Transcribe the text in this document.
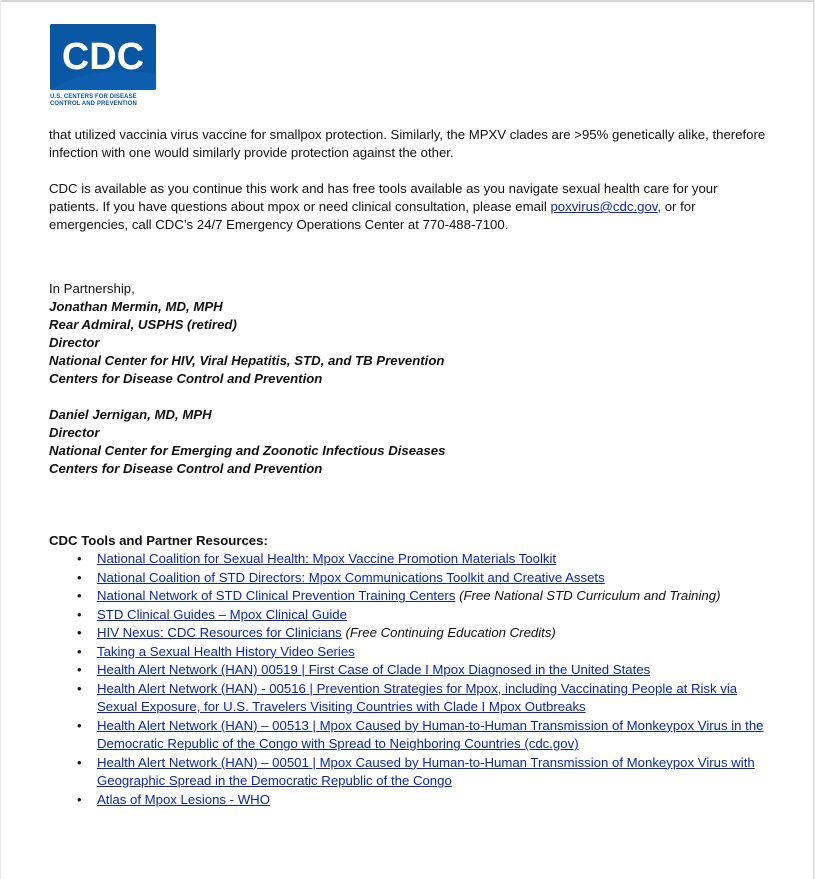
CDC
U.S. CENTERS FOR DISEASE
CONTROL AND PREVENTION

that utilized vaccinia virus vaccine for smallpox protection. Similarly, the MPXV clades are >95% genetically alike, therefore infection with one would similarly provide protection against the other.

CDC is available as you continue this work and has free tools available as you navigate sexual health care for your patients. If you have questions about mpox or need clinical consultation, please email poxvirus@cdc.gov, or for emergencies, call CDC’s 24/7 Emergency Operations Center at 770-488-7100.

In Partnership,

Jonathan Mermin, MD, MPH

Rear Admiral, USPHS (retired)

Director

National Center for HIV, Viral Hepatitis, STD, and TB Prevention

Centers for Disease Control and Prevention

Daniel Jernigan, MD, MPH

Director

National Center for Emerging and Zoonotic Infectious Diseases

Centers for Disease Control and Prevention

CDC Tools and Partner Resources:

• National Coalition for Sexual Health: Mpox Vaccine Promotion Materials Toolkit
• National Coalition of STD Directors: Mpox Communications Toolkit and Creative Assets
• National Network of STD Clinical Prevention Training Centers (Free National STD Curriculum and Training)
• STD Clinical Guides – Mpox Clinical Guide
• HIV Nexus: CDC Resources for Clinicians (Free Continuing Education Credits)
• Taking a Sexual Health History Video Series
• Health Alert Network (HAN) 00519 | First Case of Clade I Mpox Diagnosed in the United States
• Health Alert Network (HAN) - 00516 | Prevention Strategies for Mpox, including Vaccinating People at Risk via Sexual Exposure, for U.S. Travelers Visiting Countries with Clade I Mpox Outbreaks
• Health Alert Network (HAN) – 00513 | Mpox Caused by Human-to-Human Transmission of Monkeypox Virus in the Democratic Republic of the Congo with Spread to Neighboring Countries (cdc.gov)
• Health Alert Network (HAN) – 00501 | Mpox Caused by Human-to-Human Transmission of Monkeypox Virus with Geographic Spread in the Democratic Republic of the Congo
• Atlas of Mpox Lesions - WHO
